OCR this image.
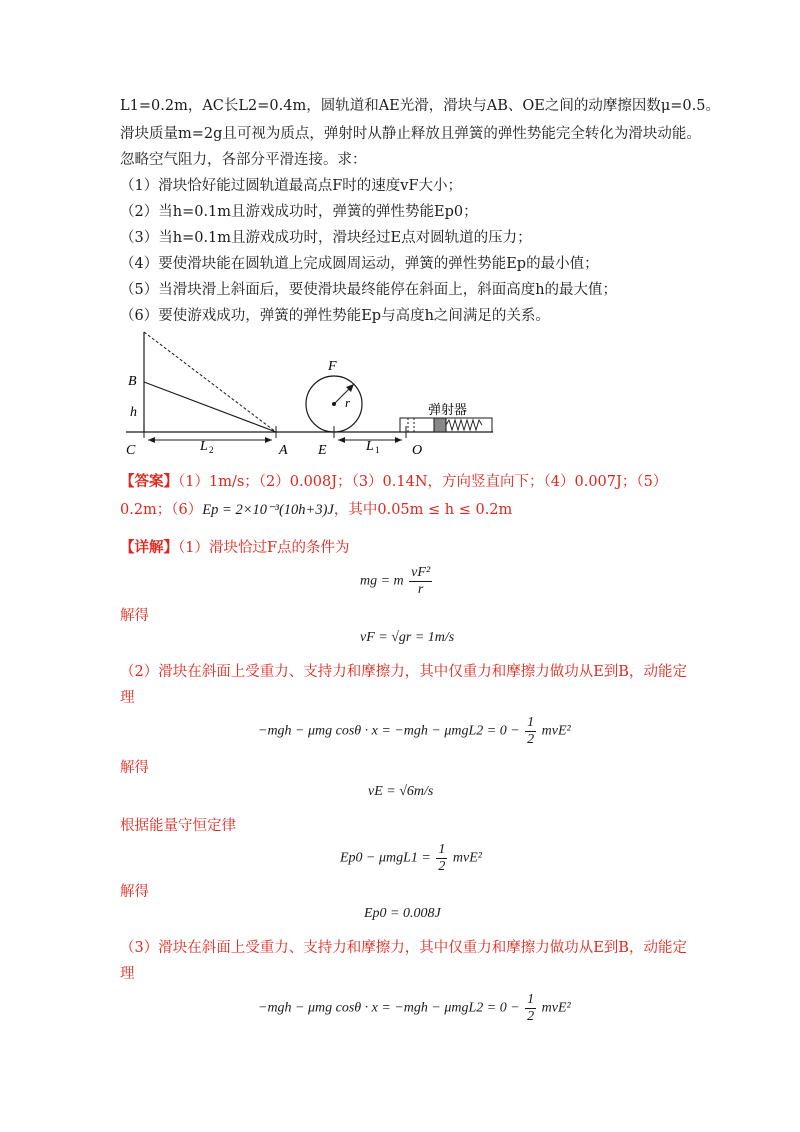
L1=0.2m，AC长L2=0.4m，圆轨道和AE光滑，滑块与AB、OE之间的动摩擦因数μ=0.5。
滑块质量m=2g且可视为质点，弹射时从静止释放且弹簧的弹性势能完全转化为滑块动能。
忽略空气阻力，各部分平滑连接。求：
（1）滑块恰好能过圆轨道最高点F时的速度vF大小；
（2）当h=0.1m且游戏成功时，弹簧的弹性势能Ep0；
（3）当h=0.1m且游戏成功时，滑块经过E点对圆轨道的压力；
（4）要使滑块能在圆轨道上完成圆周运动，弹簧的弹性势能Ep的最小值；
（5）当滑块滑上斜面后，要使滑块最终能停在斜面上，斜面高度h的最大值；
（6）要使游戏成功，弹簧的弹性势能Ep与高度h之间满足的关系。
B
h
C	L 2	A E	L 1 O
F
r
弹射器
【答案】（1）1m/s；（2）0.008J；（3）0.14N，方向竖直向下；（4）0.007J；（5）
0.2m；（6）Ep = 2×10⁻³(10h+3)J，其中0.05m ≤ h ≤ 0.2m
【详解】（1）滑块恰过F点的条件为
mg = m $\frac{\text{vF²}}{r}$
解得
vF = √gr = 1m/s
（2）滑块在斜面上受重力、支持力和摩擦力，其中仅重力和摩擦力做功从E到B，动能定
理
−mgh − μmg $\cos\theta \cdot x = -mgh - \mu mgL2 = 0 - \frac{1}{2} mvE^2$
解得
vE = √6m/s
根据能量守恒定律
$Ep0 - \mu mgL1 = \frac{1}{2} mvE^2$
解得
Ep0 = 0.008J
（3）滑块在斜面上受重力、支持力和摩擦力，其中仅重力和摩擦力做功从E到B，动能定
理
−mgh − μmg $\cos\theta \cdot x = -mgh - \mu mgL2 = 0 - \frac{1}{2} mvE^2$
